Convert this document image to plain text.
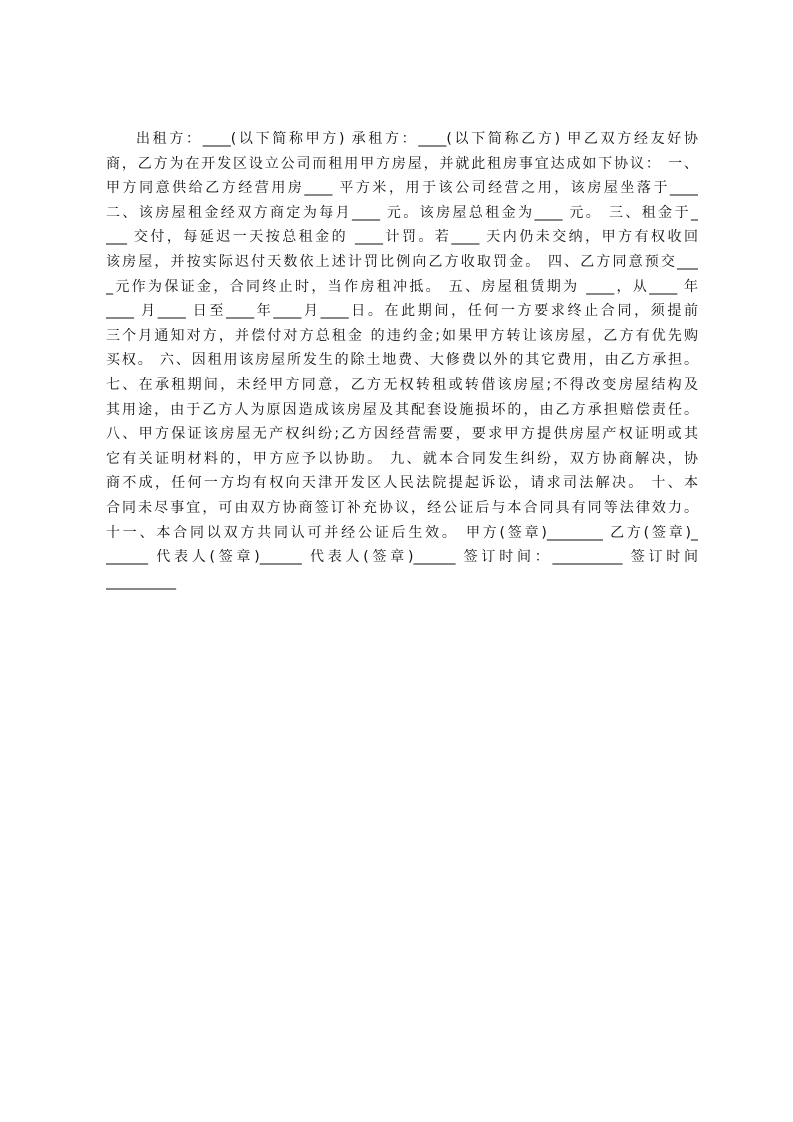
出租方：____(以下简称甲方) 承租方：____(以下简称乙方) 甲乙双方经友好协
商，乙方为在开发区设立公司而租用甲方房屋，并就此租房事宜达成如下协议： 一、
甲方同意供给乙方经营用房____ 平方米，用于该公司经营之用，该房屋坐落于____
二、该房屋租金经双方商定为每月____ 元。该房屋总租金为____ 元。 三、租金于_
___ 交付，每延迟一天按总租金的 ____计罚。若____ 天内仍未交纳，甲方有权收回
该房屋，并按实际迟付天数依上述计罚比例向乙方收取罚金。 四、乙方同意预交___
_元作为保证金，合同终止时，当作房租冲抵。 五、房屋租赁期为 ____，从____ 年
____ 月____ 日至____年____月____日。在此期间，任何一方要求终止合同，须提前
三个月通知对方，并偿付对方总租金 的违约金;如果甲方转让该房屋，乙方有优先购
买权。 六、因租用该房屋所发生的除土地费、大修费以外的其它费用，由乙方承担。
七、在承租期间，未经甲方同意，乙方无权转租或转借该房屋;不得改变房屋结构及
其用途，由于乙方人为原因造成该房屋及其配套设施损坏的，由乙方承担赔偿责任。
八、甲方保证该房屋无产权纠纷;乙方因经营需要，要求甲方提供房屋产权证明或其
它有关证明材料的，甲方应予以协助。 九、就本合同发生纠纷，双方协商解决，协
商不成，任何一方均有权向天津开发区人民法院提起诉讼，请求司法解决。 十、本
合同未尽事宜，可由双方协商签订补充协议，经公证后与本合同具有同等法律效力。
十一、本合同以双方共同认可并经公证后生效。 甲方(签章)________ 乙方(签章)_
______ 代表人(签章)______ 代表人(签章)______ 签订时间：__________ 签订时间
__________
